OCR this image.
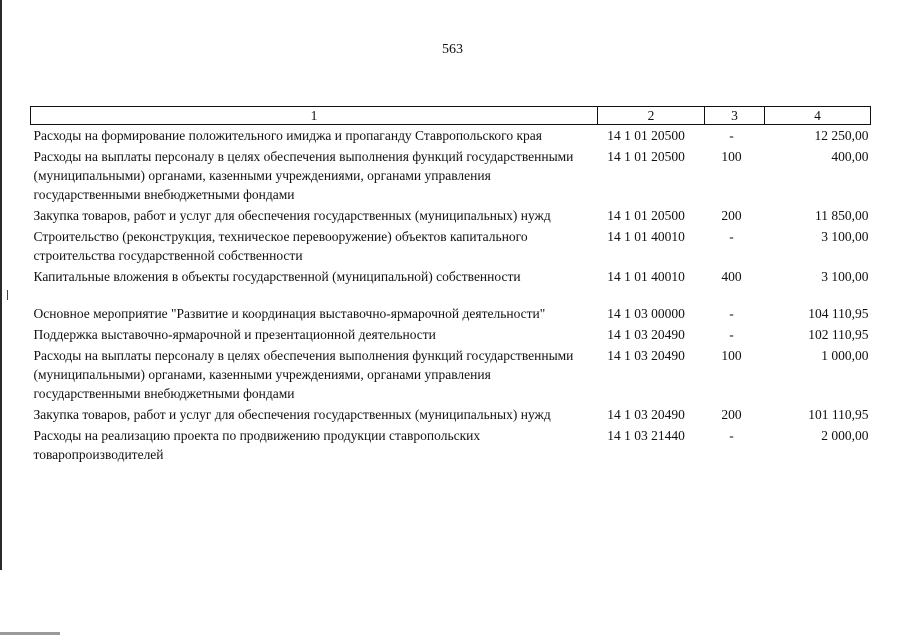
563
1	2	3	4
Расходы на формирование положительного имиджа и пропаганду Ставропольского края	14 1 01 20500	-	12 250,00
Расходы на выплаты персоналу в целях обеспечения выполнения функций государственными (муниципальными) органами, казенными учреждениями, органами управления государственными внебюджетными фондами	14 1 01 20500	100	400,00
Закупка товаров, работ и услуг для обеспечения государственных (муниципальных) нужд	14 1 01 20500	200	11 850,00
Строительство (реконструкция, техническое перевооружение) объектов капитального строительства государственной собственности	14 1 01 40010	-	3 100,00
Капитальные вложения в объекты государственной (муниципальной) собственности	14 1 01 40010	400	3 100,00

Основное мероприятие "Развитие и координация выставочно-ярмарочной деятельности"	14 1 03 00000	-	104 110,95
Поддержка выставочно-ярмарочной и презентационной деятельности	14 1 03 20490	-	102 110,95
Расходы на выплаты персоналу в целях обеспечения выполнения функций государственными (муниципальными) органами, казенными учреждениями, органами управления государственными внебюджетными фондами	14 1 03 20490	100	1 000,00
Закупка товаров, работ и услуг для обеспечения государственных (муниципальных) нужд	14 1 03 20490	200	101 110,95
Расходы на реализацию проекта по продвижению продукции ставропольских товаропроизводителей	14 1 03 21440	-	2 000,00
